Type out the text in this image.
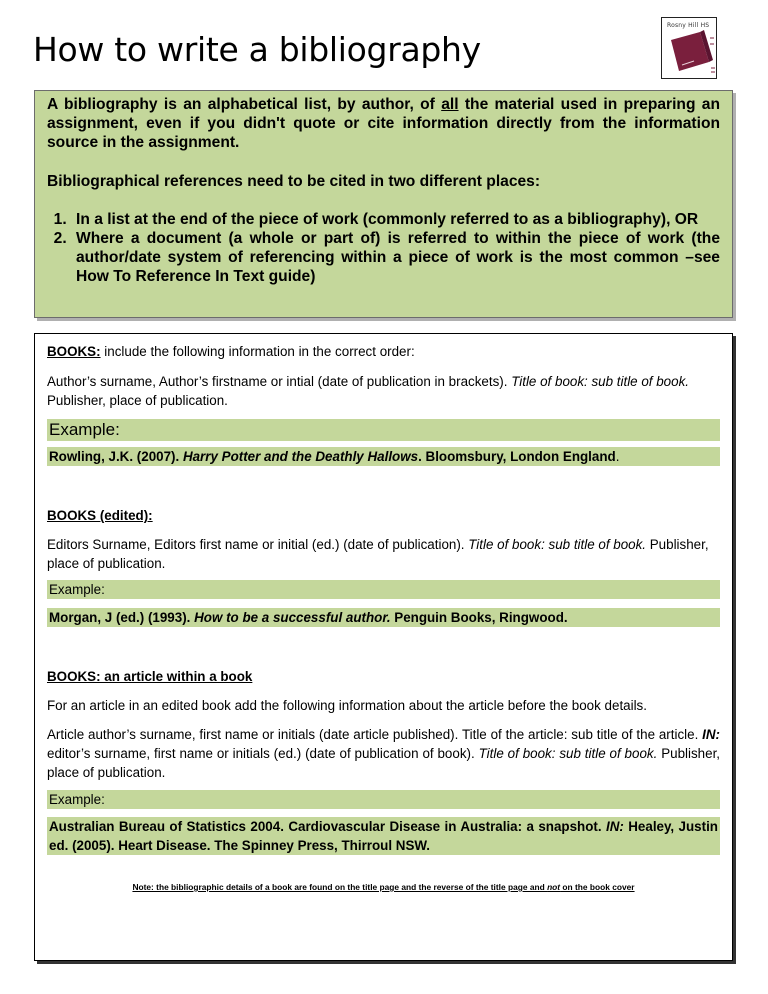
How to write a bibliography
Rosny Hill HS

A bibliography is an alphabetical list, by author, of all the material used in preparing an assignment, even if you didn't quote or cite information directly from the information source in the assignment.

Bibliographical references need to be cited in two different places:

1. In a list at the end of the piece of work (commonly referred to as a bibliography), OR
2. Where a document (a whole or part of) is referred to within the piece of work (the author/date system of referencing within a piece of work is the most common –see How To Reference In Text guide)

BOOKS: include the following information in the correct order:

Author’s surname, Author’s firstname or intial (date of publication in brackets). Title of book: sub title of book. Publisher, place of publication.

Example:

Rowling, J.K. (2007). Harry Potter and the Deathly Hallows. Bloomsbury, London England.

BOOKS (edited):

Editors Surname, Editors first name or initial (ed.) (date of publication). Title of book: sub title of book. Publisher, place of publication.

Example:

Morgan, J (ed.) (1993). How to be a successful author. Penguin Books, Ringwood.

BOOKS: an article within a book

For an article in an edited book add the following information about the article before the book details.

Article author’s surname, first name or initials (date article published). Title of the article: sub title of the article. IN: editor’s surname, first name or initials (ed.) (date of publication of book). Title of book: sub title of book. Publisher, place of publication.

Example:

Australian Bureau of Statistics 2004. Cardiovascular Disease in Australia: a snapshot. IN: Healey, Justin ed. (2005). Heart Disease. The Spinney Press, Thirroul NSW.

Note: the bibliographic details of a book are found on the title page and the reverse of the title page and not on the book cover
